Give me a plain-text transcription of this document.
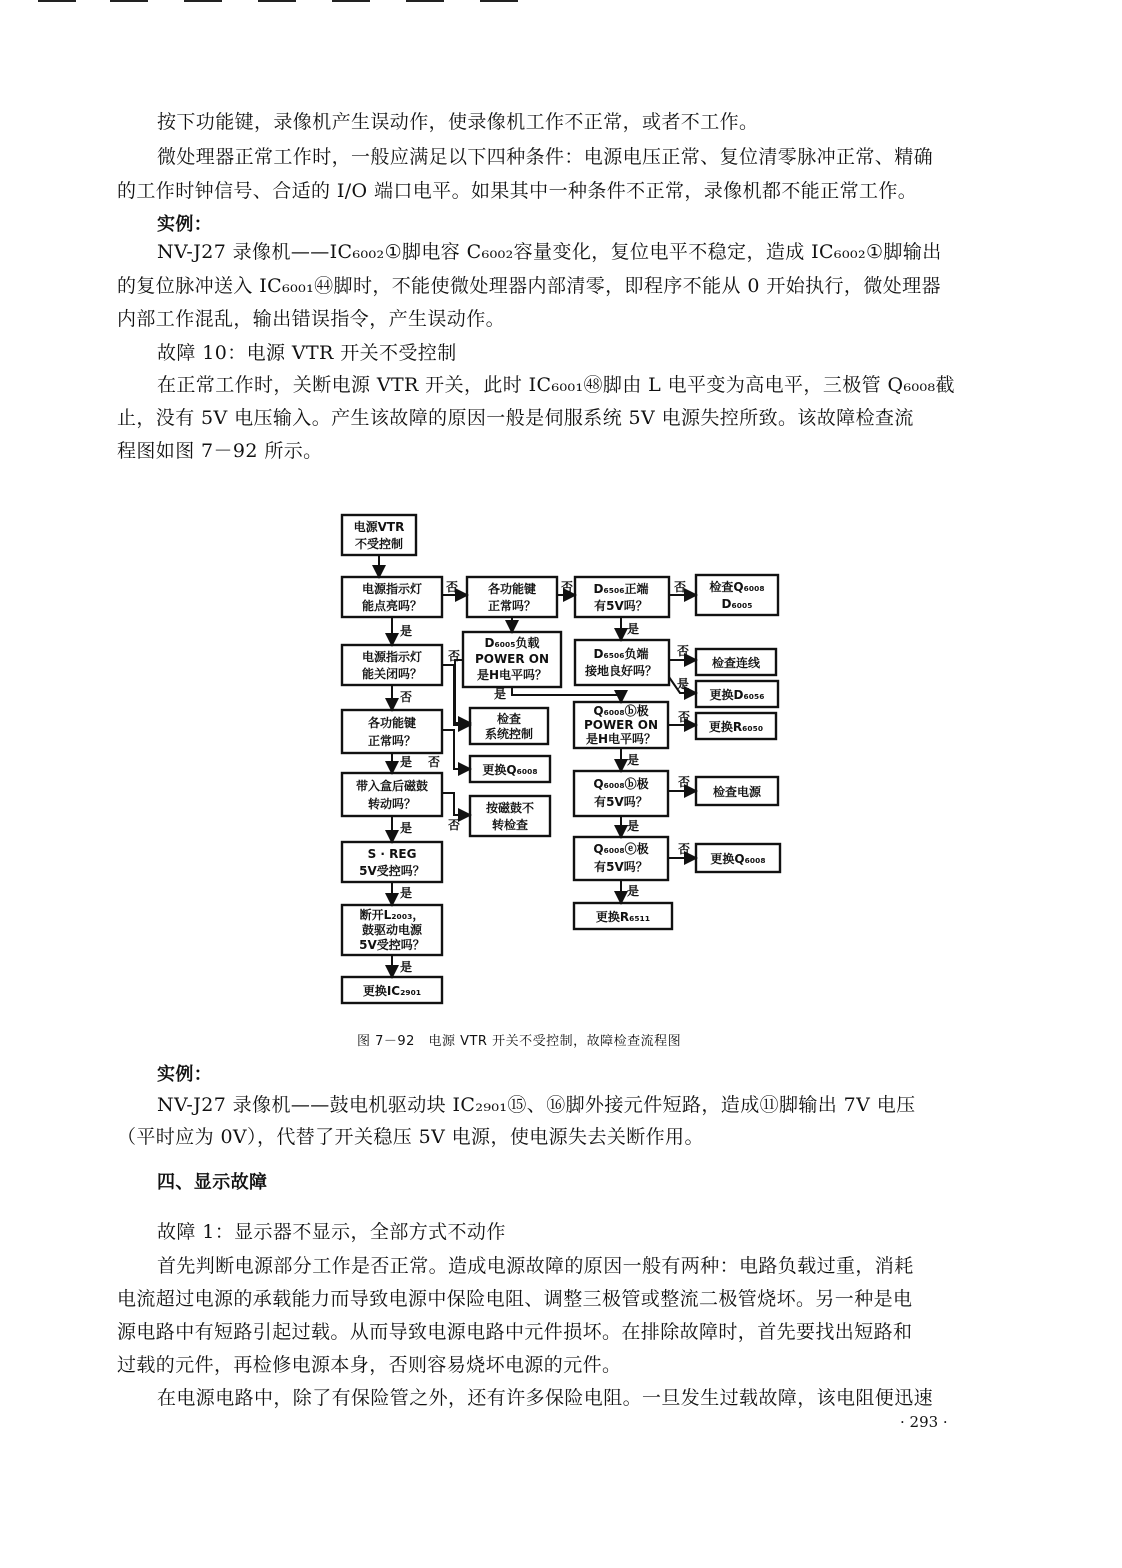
按下功能键，录像机产生误动作，使录像机工作不正常，或者不工作。

微处理器正常工作时，一般应满足以下四种条件：电源电压正常、复位清零脉冲正常、精确

的工作时钟信号、合适的 I/O 端口电平。如果其中一种条件不正常，录像机都不能正常工作。

实例：

NV-J27 录像机——IC₆₀₀₂①脚电容 C₆₀₀₂容量变化，复位电平不稳定，造成 IC₆₀₀₂①脚输出

的复位脉冲送入 IC₆₀₀₁㊹脚时，不能使微处理器内部清零，即程序不能从 0 开始执行，微处理器

内部工作混乱，输出错误指令，产生误动作。

故障 10：电源 VTR 开关不受控制

在正常工作时，关断电源 VTR 开关，此时 IC₆₀₀₁㊽脚由 L 电平变为高电平，三极管 Q₆₀₀₈截

止，没有 5V 电压输入。产生该故障的原因一般是伺服系统 5V 电源失控所致。该故障检查流

程图如图 7－92 所示。

电源VTR
不受控制
电源指示灯
能点亮吗？
电源指示灯
能关闭吗？
各功能键
正常吗？
带入盒后磁鼓
转动吗？
S · REG
5V受控吗？
断开L₂₀₀₃，
鼓驱动电源
5V受控吗？
更换IC₂₉₀₁
各功能键
正常吗？
D₆₀₀₅负载
POWER ON
是H电平吗？
检查
系统控制
更换Q₆₀₀₈
按磁鼓不
转检查
D₆₅₀₆正端
有5V吗？
D₆₅₀₆负端
接地良好吗？
Q₆₀₀₈ⓑ极
POWER ON
是H电平吗？
Q₆₀₀₈ⓑ极
有5V吗？
Q₆₀₀₈ⓔ极
有5V吗？
更换R₆₅₁₁
检查Q₆₀₀₈
D₆₀₀₅
检查连线
更换D₆₀₅₆
更换R₆₀₅₀
检查电源
更换Q₆₀₀₈
是
否
是 否
是	否
是
是
否
否
否
是
否
是
否
是
否
是
否
是
否
是
图 7－92　电源 VTR 开关不受控制，故障检查流程图

实例：

NV-J27 录像机——鼓电机驱动块 IC₂₉₀₁⑮、⑯脚外接元件短路，造成⑪脚输出 7V 电压

（平时应为 0V），代替了开关稳压 5V 电源，使电源失去关断作用。

四、显示故障

故障 1：显示器不显示，全部方式不动作

首先判断电源部分工作是否正常。造成电源故障的原因一般有两种：电路负载过重，消耗

电流超过电源的承载能力而导致电源中保险电阻、调整三极管或整流二极管烧坏。另一种是电

源电路中有短路引起过载。从而导致电源电路中元件损坏。在排除故障时，首先要找出短路和

过载的元件，再检修电源本身，否则容易烧坏电源的元件。

在电源电路中，除了有保险管之外，还有许多保险电阻。一旦发生过载故障，该电阻便迅速

· 293 ·
